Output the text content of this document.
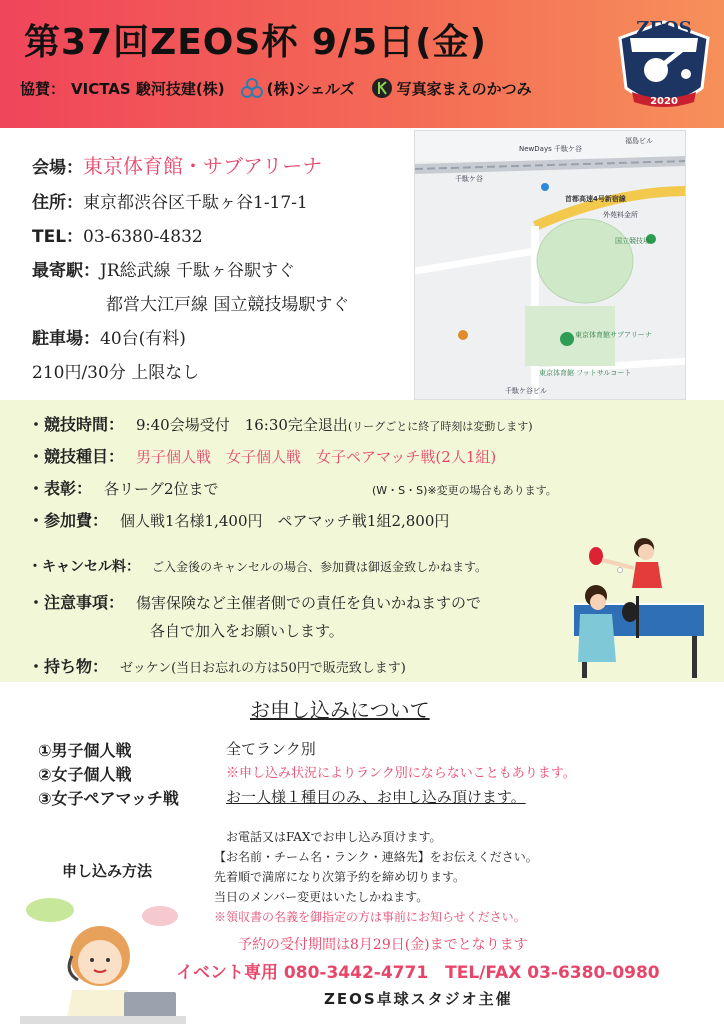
第37回ZEOS杯 9/5日(金)
協賛： VICTAS 駿河技建(株)	(株)シェルズ	写真家まえのかつみ
ZEOS
2020
会場：東京体育館・サブアリーナ
住所：東京都渋谷区千駄ヶ谷1-17-1
TEL：03-6380-4832
最寄駅：JR総武線 千駄ヶ谷駅すぐ
都営大江戸線 国立競技場駅すぐ
駐車場：40台(有料)
210円/30分 上限なし
NewDays 千駄ケ谷
千駄ケ谷
首都高速4号新宿線
国立競技場
東京体育館サブアリーナ
東京体育館 フットサルコート
千駄ケ谷ビル
福島ビル
外苑料金所
・競技時間： 9:40会場受付　16:30完全退出(リーグごとに終了時刻は変動します)
・競技種目： 男子個人戦　女子個人戦　女子ペアマッチ戦(2人1組)
・表彰： 各リーグ2位まで	(W・S・S)※変更の場合もあります。
・参加費： 個人戦1名様1,400円　ペアマッチ戦1組2,800円
・キャンセル料： ご入金後のキャンセルの場合、参加費は御返金致しかねます。
・注意事項： 傷害保険など主催者側での責任を負いかねますので
各自で加入をお願いします。
・持ち物： ゼッケン(当日お忘れの方は50円で販売致します)
お申し込みについて
①男子個人戦
②女子個人戦
③女子ペアマッチ戦
全てランク別
※申し込み状況によりランク別にならないこともあります。
お一人様１種目のみ、お申し込み頂けます。
申し込み方法
お電話又はFAXでお申し込み頂けます。
【お名前・チーム名・ランク・連絡先】をお伝えください。
先着順で満席になり次第予約を締め切ります。
当日のメンバー変更はいたしかねます。
※領収書の名義を御指定の方は事前にお知らせください。
予約の受付期間は8月29日(金)までとなります
イベント専用 080-3442-4771　TEL/FAX 03-6380-0980
ZEOS卓球スタジオ主催
